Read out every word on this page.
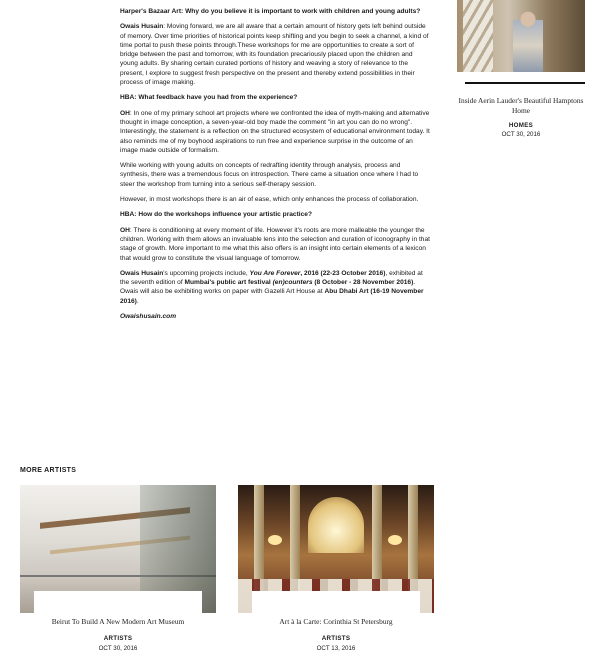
Harper's Bazaar Art: Why do you believe it is important to work with children and young adults?

Owais Husain: Moving forward, we are all aware that a certain amount of history gets left behind outside of memory. Over time priorities of historical points keep shifting and you begin to seek a channel, a kind of time portal to push these points through.These workshops for me are opportunities to create a sort of bridge between the past and tomorrow, with its foundation precariously placed upon the children and young adults. By sharing certain curated portions of history and weaving a story of relevance to the present, I explore to suggest fresh perspective on the present and thereby extend possibilities in their process of image making.

HBA: What feedback have you had from the experience?

OH: In one of my primary school art projects where we confronted the idea of myth-making and alternative thought in image conception, a seven-year-old boy made the comment "in art you can do no wrong". Interestingly, the statement is a reflection on the structured ecosystem of educational environment today. It also reminds me of my boyhood aspirations to run free and experience surprise in the outcome of an image made outside of formalism.

While working with young adults on concepts of redrafting identity through analysis, process and synthesis, there was a tremendous focus on introspection. There came a situation once where I had to steer the workshop from turning into a serious self-therapy session.

However, in most workshops there is an air of ease, which only enhances the process of collaboration.

HBA: How do the workshops influence your artistic practice?

OH: There is conditioning at every moment of life. However it's roots are more malleable the younger the children. Working with them allows an invaluable lens into the selection and curation of iconography in that stage of growth. More important to me what this also offers is an insight into certain elements of a lexicon that would grow to constitute the visual language of tomorrow.

Owais Husain's upcoming projects include, You Are Forever, 2016 (22-23 October 2016), exhibited at the seventh edition of Mumbai's public art festival (en)counters (8 October - 28 November 2016). Owais will also be exhibiting works on paper with Gazelli Art House at Abu Dhabi Art (16-19 November 2016).

Owaishusain.com

Inside Aerin Lauder's Beautiful Hamptons Home
HOMES
OCT 30, 2016
MORE ARTISTS
Beirut To Build A New Modern Art Museum
ARTISTS
OCT 30, 2016
Art à la Carte: Corinthia St Petersburg
ARTISTS
OCT 13, 2016
